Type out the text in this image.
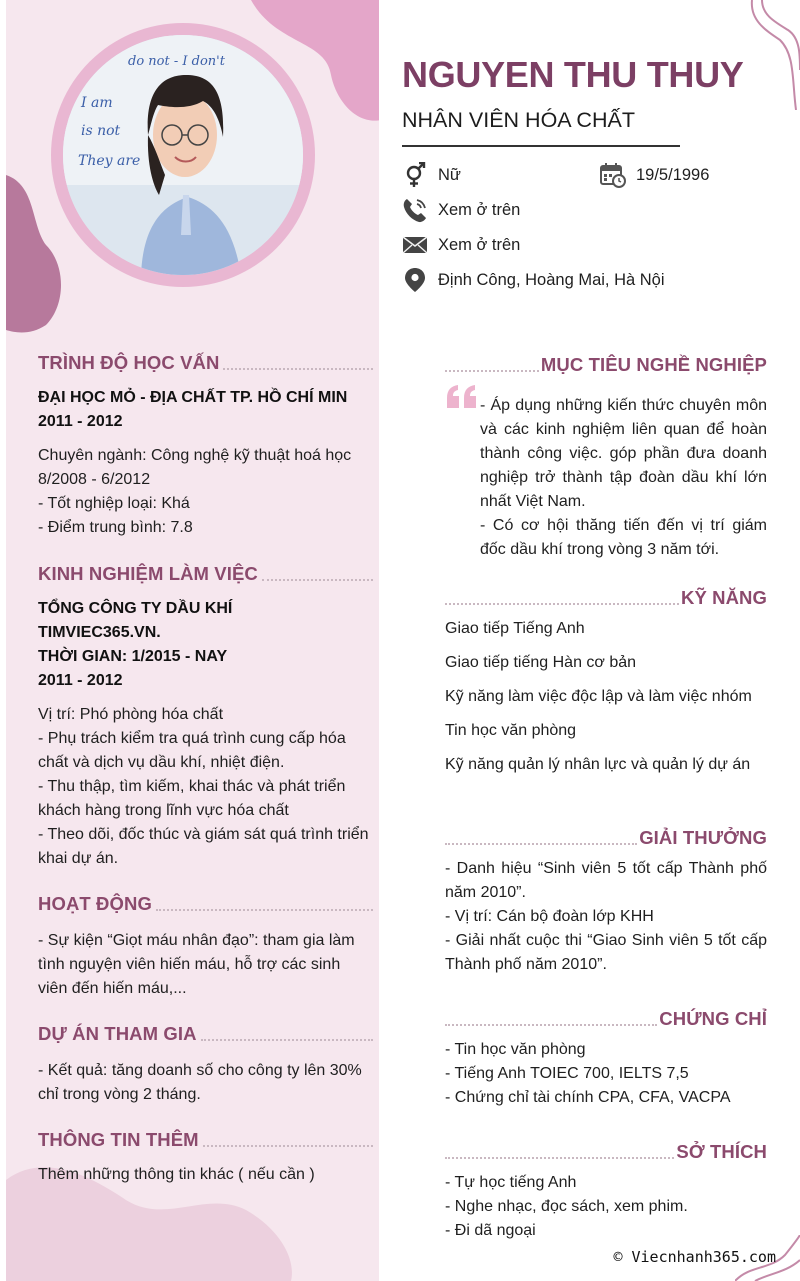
do not - I don't
I am
is not
They are
TRÌNH ĐỘ HỌC VẤN

ĐẠI HỌC MỎ - ĐỊA CHẤT TP. HỒ CHÍ MIN

2011 - 2012

Chuyên ngành: Công nghệ kỹ thuật hoá học 8/2008 - 6/2012

- Tốt nghiệp loại: Khá

- Điểm trung bình: 7.8

KINH NGHIỆM LÀM VIỆC

TỔNG CÔNG TY DẦU KHÍ

TIMVIEC365.VN.

THỜI GIAN: 1/2015 - NAY

2011 - 2012

Vị trí: Phó phòng hóa chất

- Phụ trách kiểm tra quá trình cung cấp hóa chất và dịch vụ dầu khí, nhiệt điện.

- Thu thập, tìm kiếm, khai thác và phát triển khách hàng trong lĩnh vực hóa chất

- Theo dõi, đốc thúc và giám sát quá trình triển khai dự án.

HOẠT ĐỘNG

- Sự kiện “Giọt máu nhân đạo”: tham gia làm tình nguyện viên hiến máu, hỗ trợ các sinh viên đến hiến máu,...

DỰ ÁN THAM GIA

- Kết quả: tăng doanh số cho công ty lên 30% chỉ trong vòng 2 tháng.

THÔNG TIN THÊM

Thêm những thông tin khác ( nếu cần )

NGUYEN THU THUY
NHÂN VIÊN HÓA CHẤT
Nữ	19/5/1996
Xem ở trên
Xem ở trên
Định Công, Hoàng Mai, Hà Nội
MỤC TIÊU NGHỀ NGHIỆP

- Áp dụng những kiến thức chuyên môn và các kinh nghiệm liên quan để hoàn thành công việc. góp phần đưa doanh nghiệp trở thành tập đoàn dầu khí lớn nhất Việt Nam.

- Có cơ hội thăng tiến đến vị trí giám đốc dầu khí trong vòng 3 năm tới.

KỸ NĂNG

Giao tiếp Tiếng Anh

Giao tiếp tiếng Hàn cơ bản

Kỹ năng làm việc độc lập và làm việc nhóm

Tin học văn phòng

Kỹ năng quản lý nhân lực và quản lý dự án

GIẢI THƯỞNG

- Danh hiệu “Sinh viên 5 tốt cấp Thành phố năm 2010”.

- Vị trí: Cán bộ đoàn lớp KHH

- Giải nhất cuộc thi “Giao Sinh viên 5 tốt cấp Thành phố năm 2010”.

CHỨNG CHỈ

- Tin học văn phòng

- Tiếng Anh TOIEC 700, IELTS 7,5

- Chứng chỉ tài chính CPA, CFA, VACPA

SỞ THÍCH

- Tự học tiếng Anh

- Nghe nhạc, đọc sách, xem phim.

- Đi dã ngoại

© Viecnhanh365.com
